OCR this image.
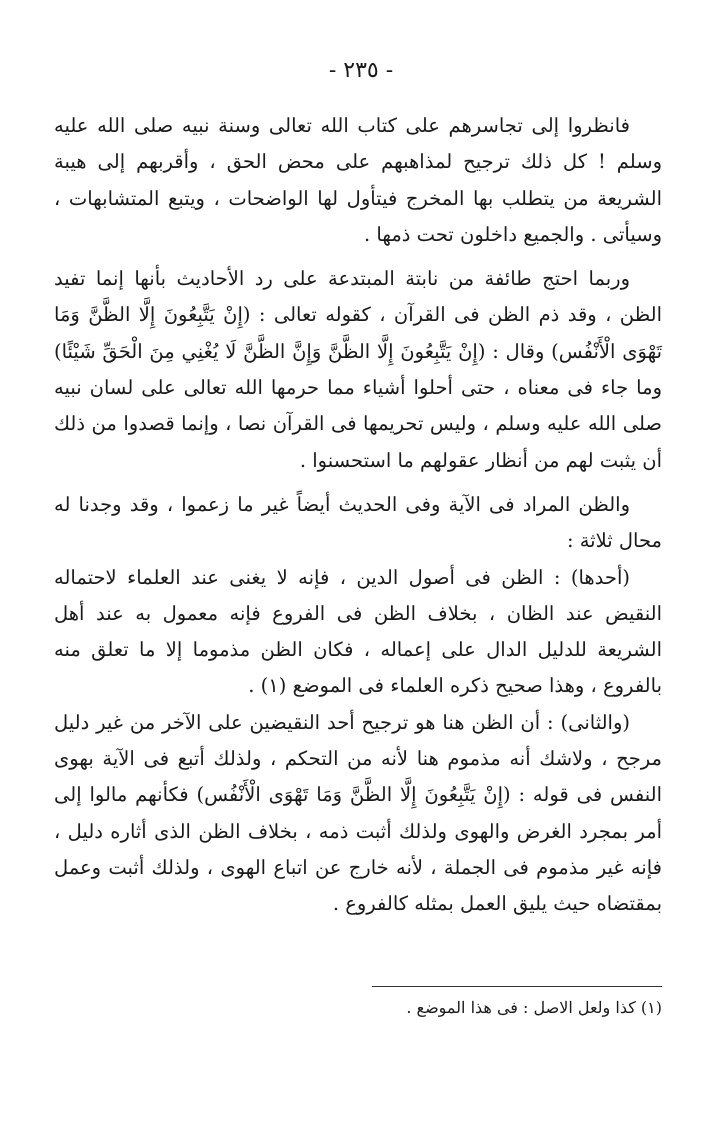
- ٢٣٥ -

فانظروا إلى تجاسرهم على كتاب الله تعالى وسنة نبيه صلى الله عليه وسلم ! كل ذلك ترجيح لمذاهبهم على محض الحق ، وأقربهم إلى هيبة الشريعة من يتطلب بها المخرج فيتأول لها الواضحات ، ويتبع المتشابهات ، وسيأتى . والجميع داخلون تحت ذمها .

وربما احتج طائفة من نابتة المبتدعة على رد الأحاديث بأنها إنما تفيد الظن ، وقد ذم الظن فى القرآن ، كقوله تعالى : (إِنْ يَتَّبِعُونَ إِلَّا الظَّنَّ وَمَا تَهْوَى الْأَنْفُس) وقال : (إِنْ يَتَّبِعُونَ إِلَّا الظَّنَّ وَإِنَّ الظَّنَّ لَا يُغْنِي مِنَ الْحَقِّ شَيْئًا) وما جاء فى معناه ، حتى أحلوا أشياء مما حرمها الله تعالى على لسان نبيه صلى الله عليه وسلم ، وليس تحريمها فى القرآن نصا ، وإنما قصدوا من ذلك أن يثبت لهم من أنظار عقولهم ما استحسنوا .

والظن المراد فى الآية وفى الحديث أيضاً غير ما زعموا ، وقد وجدنا له محال ثلاثة :

(أحدها) : الظن فى أصول الدين ، فإنه لا يغنى عند العلماء لاحتماله النقيض عند الظان ، بخلاف الظن فى الفروع فإنه معمول به عند أهل الشريعة للدليل الدال على إعماله ، فكان الظن مذموما إلا ما تعلق منه بالفروع ، وهذا صحيح ذكره العلماء فى الموضع (١) .

(والثانى) : أن الظن هنا هو ترجيح أحد النقيضين على الآخر من غير دليل مرجح ، ولاشك أنه مذموم هنا لأنه من التحكم ، ولذلك أتبع فى الآية بهوى النفس فى قوله : (إِنْ يَتَّبِعُونَ إِلَّا الظَّنَّ وَمَا تَهْوَى الْأَنْفُس) فكأنهم مالوا إلى أمر بمجرد الغرض والهوى ولذلك أثبت ذمه ، بخلاف الظن الذى أثاره دليل ، فإنه غير مذموم فى الجملة ، لأنه خارج عن اتباع الهوى ، ولذلك أثبت وعمل بمقتضاه حيث يليق العمل بمثله كالفروع .

(١) كذا ولعل الاصل : فى هذا الموضع .
